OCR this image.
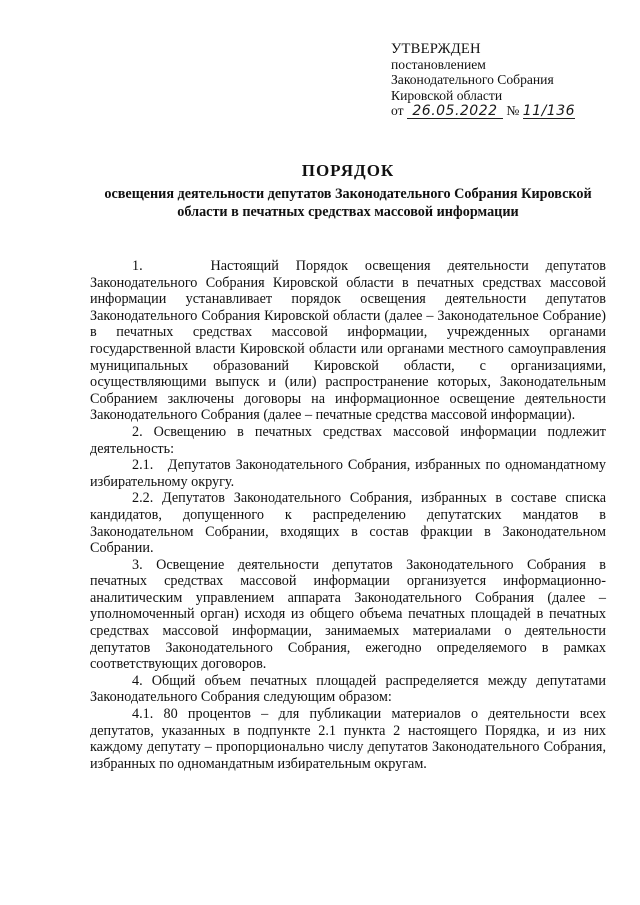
УТВЕРЖДЕН
постановлением
Законодательного Собрания
Кировской области
от 26.05.2022 № 11/136
ПОРЯДОК
освещения деятельности депутатов Законодательного Собрания Кировской области в печатных средствах массовой информации

1.    Настоящий Порядок освещения деятельности депутатов Законодательного Собрания Кировской области в печатных средствах массовой информации устанавливает порядок освещения деятельности депутатов Законодательного Собрания Кировской области (далее – Законодательное Собрание) в печатных средствах массовой информации, учрежденных органами государственной власти Кировской области или органами местного самоуправления муниципальных образований Кировской области, с организациями, осуществляющими выпуск и (или) распространение которых, Законодательным Собранием заключены договоры на информационное освещение деятельности Законодательного Собрания (далее – печатные средства массовой информации).

2. Освещению в печатных средствах массовой информации подлежит деятельность:

2.1.   Депутатов Законодательного Собрания, избранных по одномандатному избирательному округу.

2.2. Депутатов Законодательного Собрания, избранных в составе списка кандидатов, допущенного к распределению депутатских мандатов в Законодательном Собрании, входящих в состав фракции в Законодательном Собрании.

3. Освещение деятельности депутатов Законодательного Собрания в печатных средствах массовой информации организуется информационно-аналитическим управлением аппарата Законодательного Собрания (далее – уполномоченный орган) исходя из общего объема печатных площадей в печатных средствах массовой информации, занимаемых материалами о деятельности депутатов Законодательного Собрания, ежегодно определяемого в рамках соответствующих договоров.

4. Общий объем печатных площадей распределяется между депутатами Законодательного Собрания следующим образом:

4.1. 80 процентов – для публикации материалов о деятельности всех депутатов, указанных в подпункте 2.1 пункта 2 настоящего Порядка, и из них каждому депутату – пропорционально числу депутатов Законодательного Собрания, избранных по одномандатным избирательным округам.
